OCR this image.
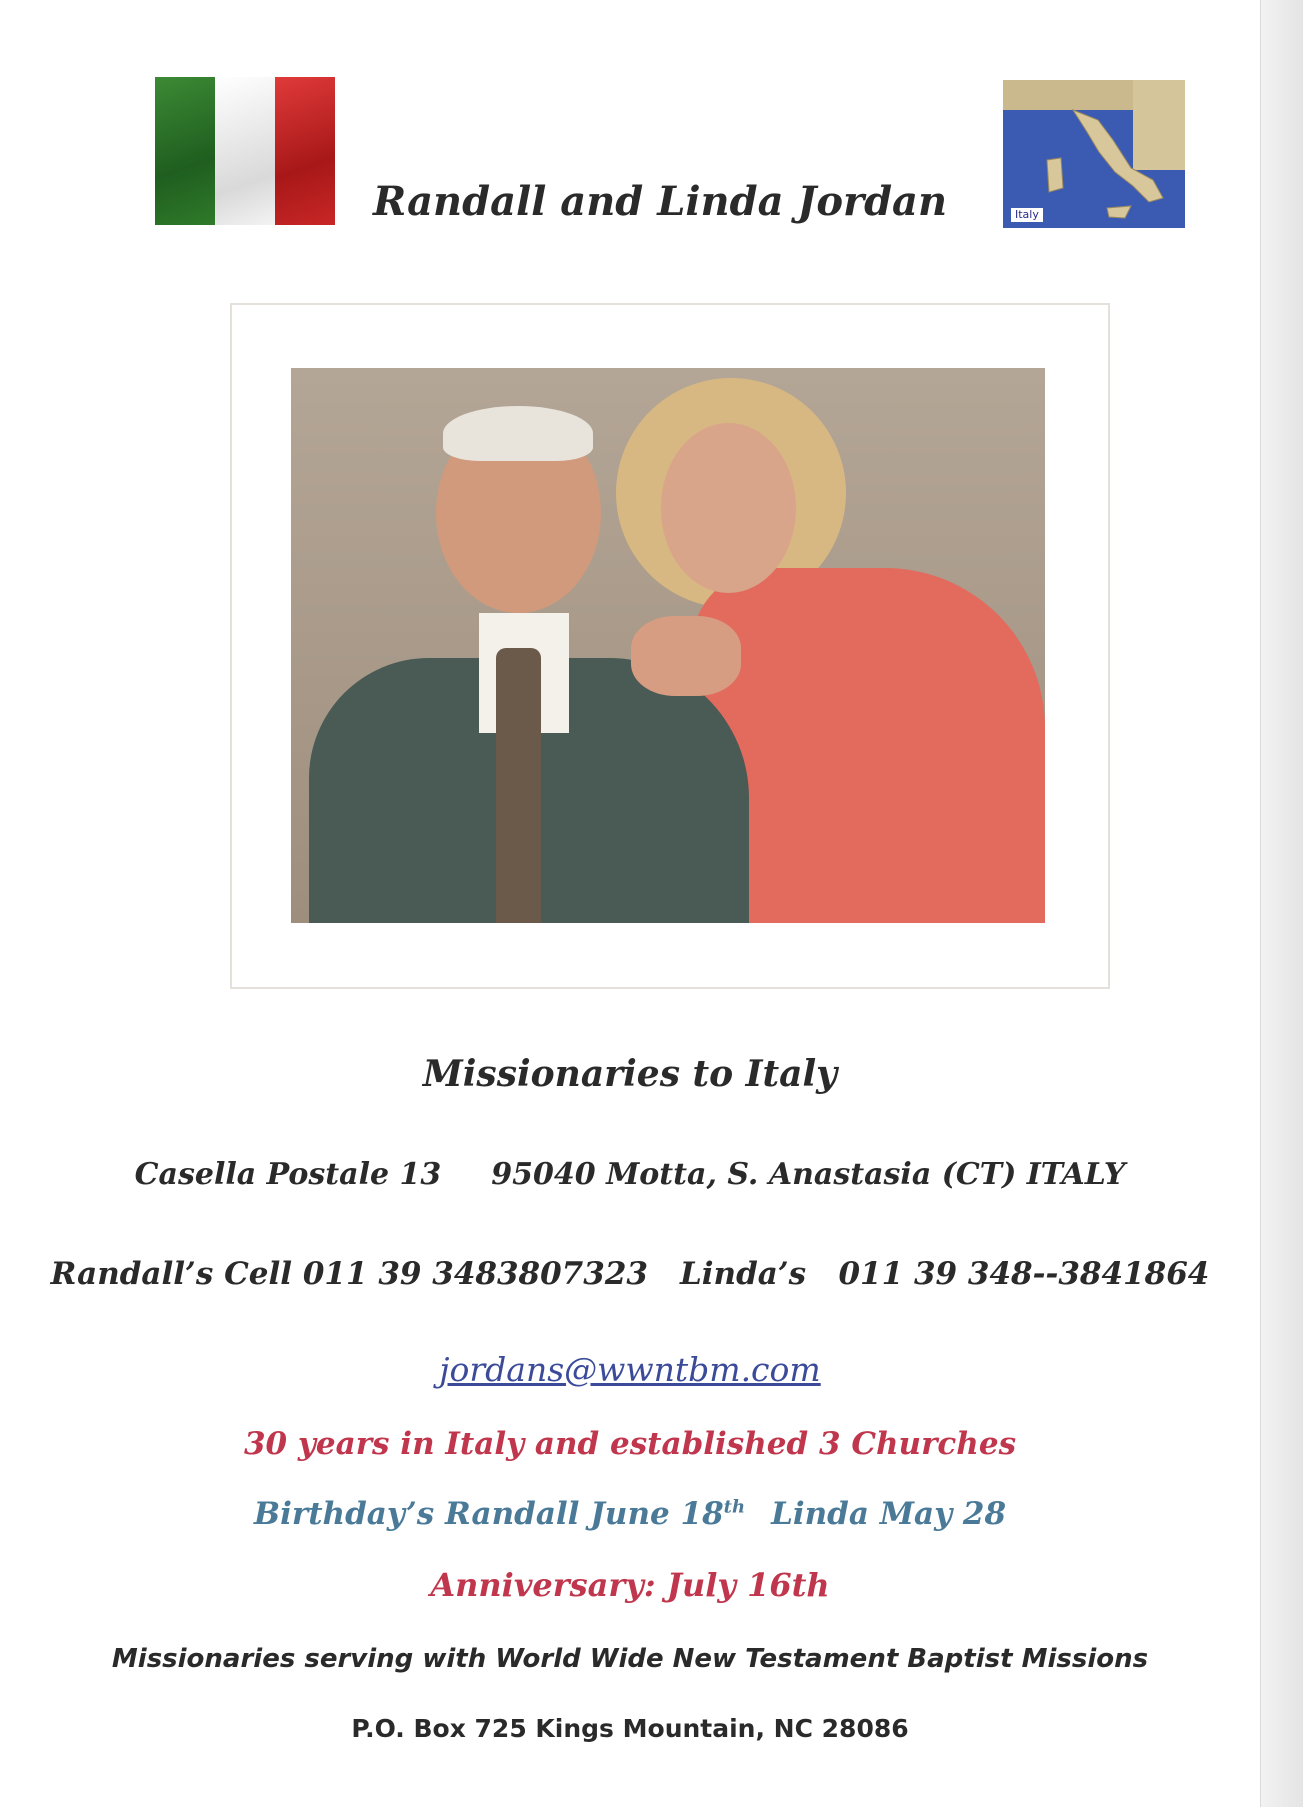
Italy
Randall and Linda Jordan

Missionaries to Italy

Casella Postale 13 95040 Motta, S. Anastasia (CT) ITALY

Randall’s Cell 011 39 3483807323 Linda’s   011 39 348--3841864

jordans@wwntbm.com

30 years in Italy and established 3 Churches

Birthday’s Randall June 18th Linda May 28

Anniversary: July 16th

Missionaries serving with World Wide New Testament Baptist Missions

P.O. Box 725 Kings Mountain, NC 28086
